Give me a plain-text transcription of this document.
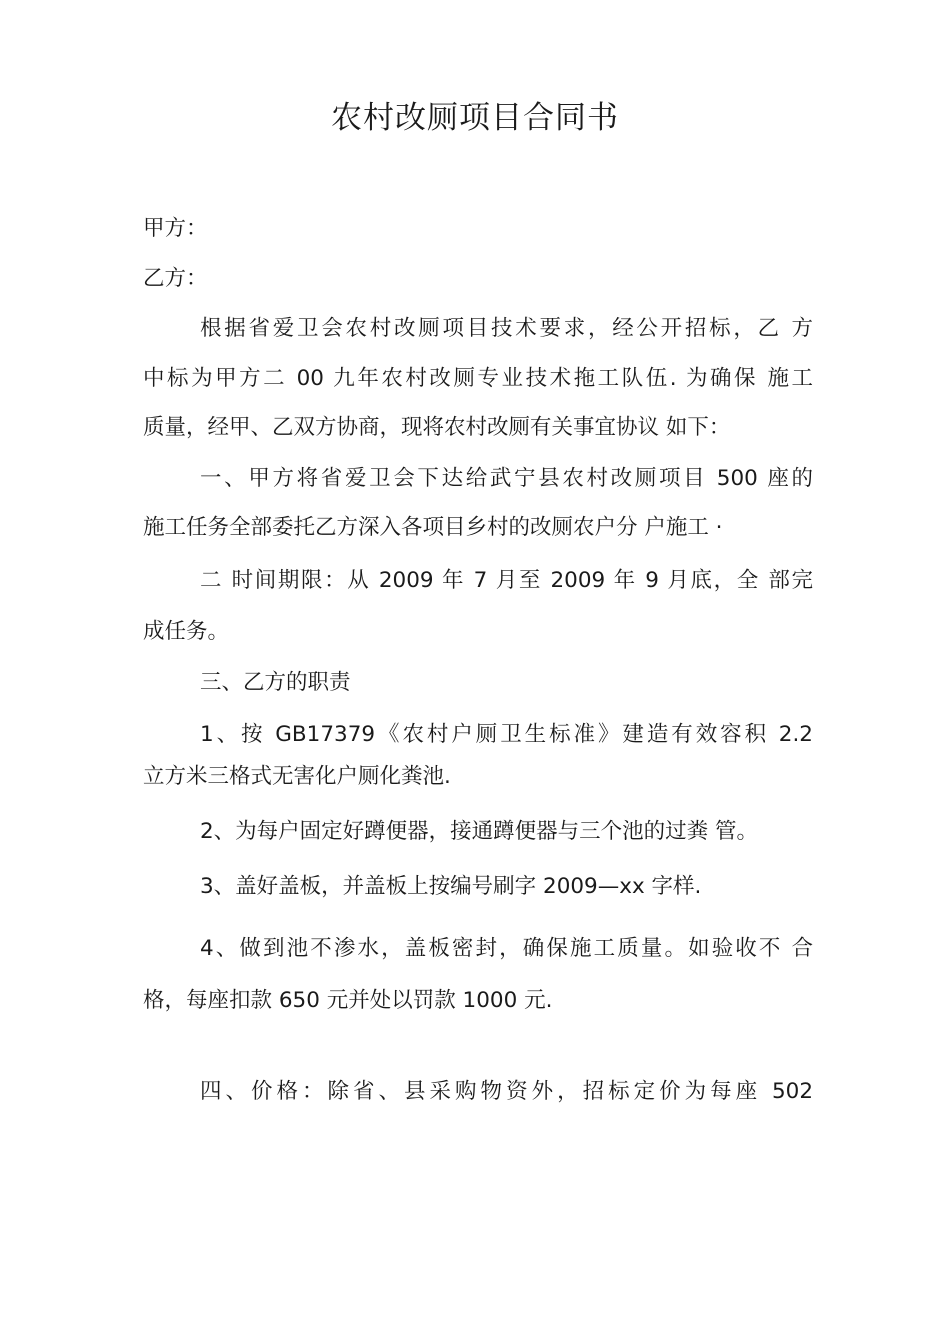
农村改厕项目合同书
甲方：
乙方：
根据省爱卫会农村改厕项目技术要求，经公开招标，乙 方
中标为甲方二 00 九年农村改厕专业技术拖工队伍. 为确保 施工
质量，经甲、乙双方协商，现将农村改厕有关事宜协议 如下：
一、甲方将省爱卫会下达给武宁县农村改厕项目 500 座的
施工任务全部委托乙方深入各项目乡村的改厕农户分 户施工 ·
二 时间期限：从 2009 年 7 月至 2009 年 9 月底，全 部完
成任务。
三、乙方的职责
1、按 GB17379《农村户厕卫生标准》建造有效容积 2.2
立方米三格式无害化户厕化粪池.
2、为每户固定好蹲便器，接通蹲便器与三个池的过粪 管。
3、盖好盖板，并盖板上按编号刷字 2009—xx 字样.
4、做到池不渗水，盖板密封，确保施工质量。如验收不 合
格，每座扣款 650 元并处以罚款 1000 元.
四、价格：除省、县采购物资外，招标定价为每座 502
